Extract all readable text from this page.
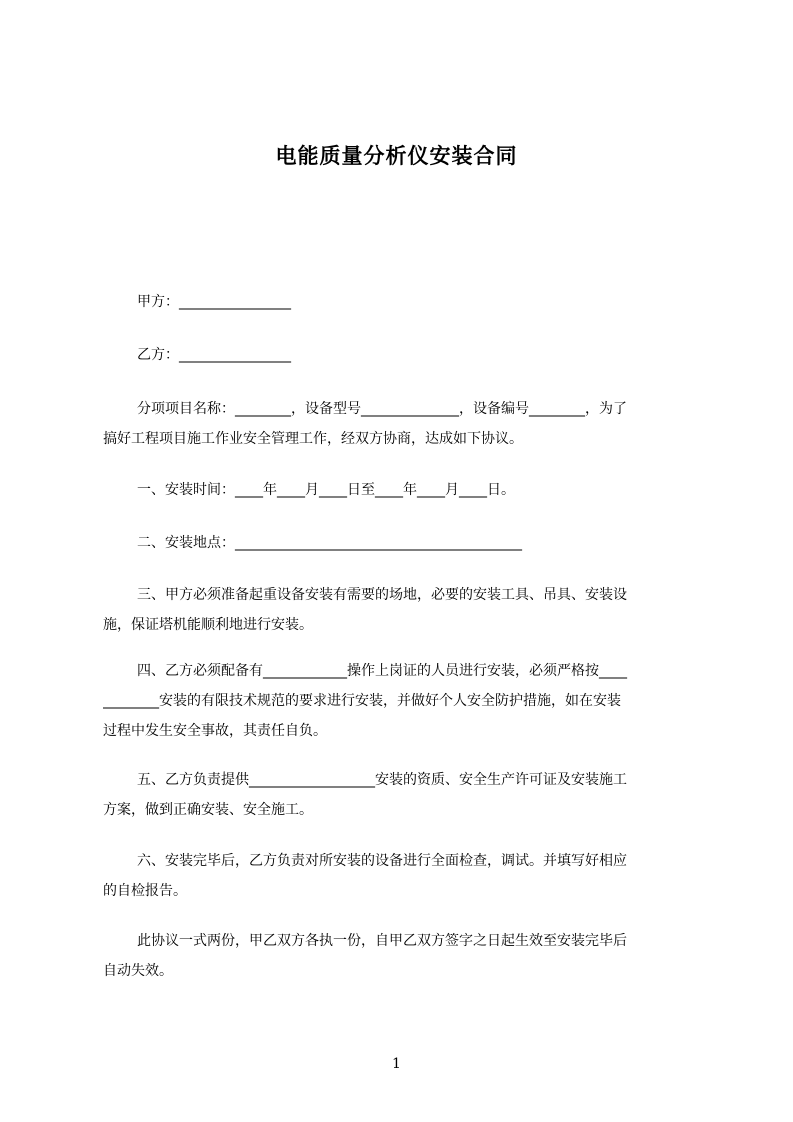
电能质量分析仪安装合同
甲方：________________
乙方：________________
分项项目名称：________，设备型号______________，设备编号________，为了
搞好工程项目施工作业安全管理工作，经双方协商，达成如下协议。
一、安装时间：____年____月____日至____年____月____日。
二、安装地点：_________________________________________
三、甲方必须准备起重设备安装有需要的场地，必要的安装工具、吊具、安装设
施，保证塔机能顺利地进行安装。
四、乙方必须配备有____________操作上岗证的人员进行安装，必须严格按____
________安装的有限技术规范的要求进行安装，并做好个人安全防护措施，如在安装
过程中发生安全事故，其责任自负。
五、乙方负责提供__________________安装的资质、安全生产许可证及安装施工
方案，做到正确安装、安全施工。
六、安装完毕后，乙方负责对所安装的设备进行全面检查，调试。并填写好相应
的自检报告。
此协议一式两份，甲乙双方各执一份，自甲乙双方签字之日起生效至安装完毕后
自动失效。
1
